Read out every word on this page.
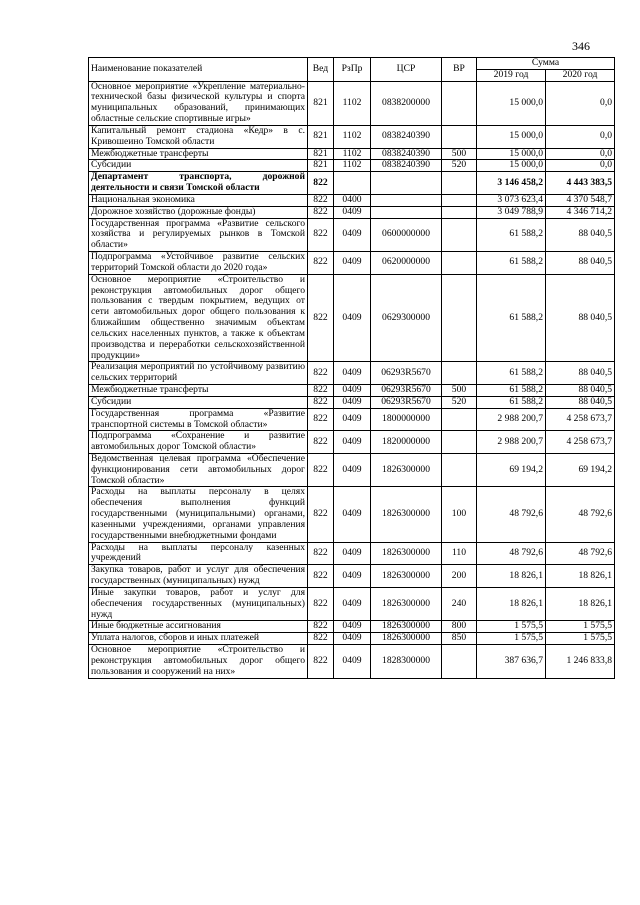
346
Наименование показателей	Вед	РзПр	ЦСР	ВР	Сумма	
					2019 год	2020 год
Основное мероприятие «Укрепление материально-технической базы физической культуры и спорта муниципальных образований, принимающих областные сельские спортивные игры»	821	1102	0838200000		15 000,0	0,0
Капитальный ремонт стадиона «Кедр» в с. Кривошеино Томской области	821	1102	0838240390		15 000,0	0,0
Межбюджетные трансферты	821	1102	0838240390	500	15 000,0	0,0
Субсидии	821	1102	0838240390	520	15 000,0	0,0
Департамент транспорта, дорожной деятельности и связи Томской области	822				3 146 458,2	4 443 383,5
Национальная экономика	822	0400			3 073 623,4	4 370 548,7
Дорожное хозяйство (дорожные фонды)	822	0409			3 049 788,9	4 346 714,2
Государственная программа «Развитие сельского хозяйства и регулируемых рынков в Томской области»	822	0409	0600000000		61 588,2	88 040,5
Подпрограмма «Устойчивое развитие сельских территорий Томской области до 2020 года»	822	0409	0620000000		61 588,2	88 040,5
Основное мероприятие «Строительство и реконструкция автомобильных дорог общего пользования с твердым покрытием, ведущих от сети автомобильных дорог общего пользования к ближайшим общественно значимым объектам сельских населенных пунктов, а также к объектам производства и переработки сельскохозяйственной продукции»	822	0409	0629300000		61 588,2	88 040,5
Реализация мероприятий по устойчивому развитию сельских территорий	822	0409	06293R5670		61 588,2	88 040,5
Межбюджетные трансферты	822	0409	06293R5670	500	61 588,2	88 040,5
Субсидии	822	0409	06293R5670	520	61 588,2	88 040,5
Государственная программа «Развитие транспортной системы в Томской области»	822	0409	1800000000		2 988 200,7	4 258 673,7
Подпрограмма «Сохранение и развитие автомобильных дорог Томской области»	822	0409	1820000000		2 988 200,7	4 258 673,7
Ведомственная целевая программа «Обеспечение функционирования сети автомобильных дорог Томской области»	822	0409	1826300000		69 194,2	69 194,2
Расходы на выплаты персоналу в целях обеспечения выполнения функций государственными (муниципальными) органами, казенными учреждениями, органами управления государственными внебюджетными фондами	822	0409	1826300000	100	48 792,6	48 792,6
Расходы на выплаты персоналу казенных учреждений	822	0409	1826300000	110	48 792,6	48 792,6
Закупка товаров, работ и услуг для обеспечения государственных (муниципальных) нужд	822	0409	1826300000	200	18 826,1	18 826,1
Иные закупки товаров, работ и услуг для обеспечения государственных (муниципальных) нужд	822	0409	1826300000	240	18 826,1	18 826,1
Иные бюджетные ассигнования	822	0409	1826300000	800	1 575,5	1 575,5
Уплата налогов, сборов и иных платежей	822	0409	1826300000	850	1 575,5	1 575,5
Основное мероприятие «Строительство и реконструкция автомобильных дорог общего пользования и сооружений на них»	822	0409	1828300000		387 636,7	1 246 833,8
